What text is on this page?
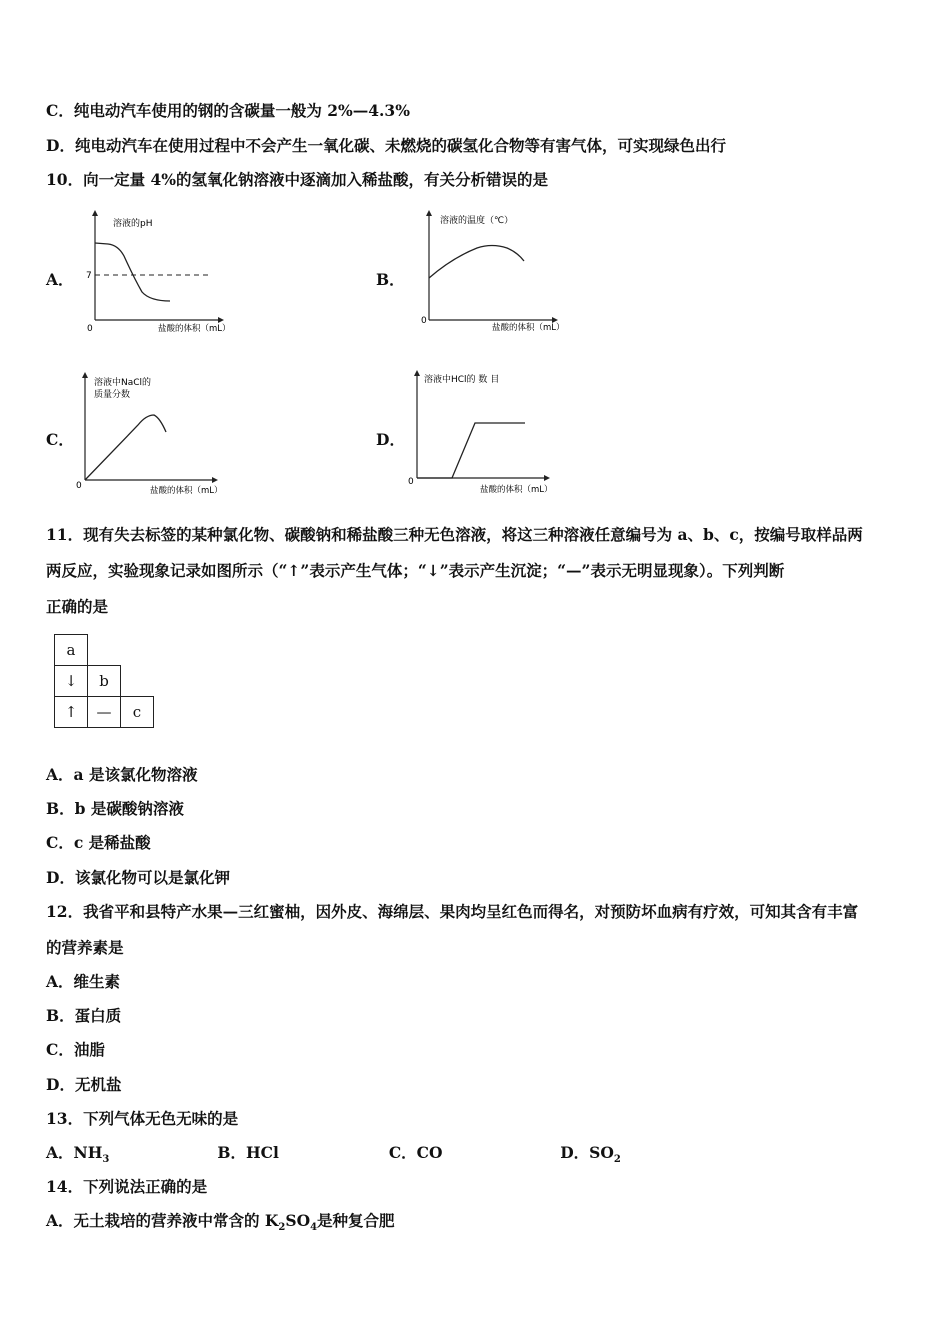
C．纯电动汽车使用的钢的含碳量一般为 2%—4.3%
D．纯电动汽车在使用过程中不会产生一氧化碳、未燃烧的碳氢化合物等有害气体，可实现绿色出行
10．向一定量 4%的氢氧化钠溶液中逐滴加入稀盐酸，有关分析错误的是
A．
溶液的pH
7
0	盐酸的体积（mL）
B．
溶液的温度（℃）
0
盐酸的体积（mL）
C．
溶液中NaCl的
质量分数
0	盐酸的体积（mL）
D．
溶液中HCl的 数 目
0
盐酸的体积（mL）
11．现有失去标签的某种氯化物、碳酸钠和稀盐酸三种无色溶液，将这三种溶液任意编号为 a、b、c，按编号取样品两
两反应，实验现象记录如图所示（“↑”表示产生气体；“↓”表示产生沉淀；“—”表示无明显现象）。下列判断
正确的是
a		
↓	b	
↑	—	c
A．a 是该氯化物溶液
B．b 是碳酸钠溶液
C．c 是稀盐酸
D．该氯化物可以是氯化钾
12．我省平和县特产水果—三红蜜柚，因外皮、海绵层、果肉均呈红色而得名，对预防坏血病有疗效，可知其含有丰富
的营养素是
A．维生素
B．蛋白质
C．油脂
D．无机盐
13．下列气体无色无味的是
A．$NH_3$	B．HCl	C．CO	D．$SO_2$
14．下列说法正确的是
A．无土栽培的营养液中常含的 $K_2SO_4$是种复合肥
